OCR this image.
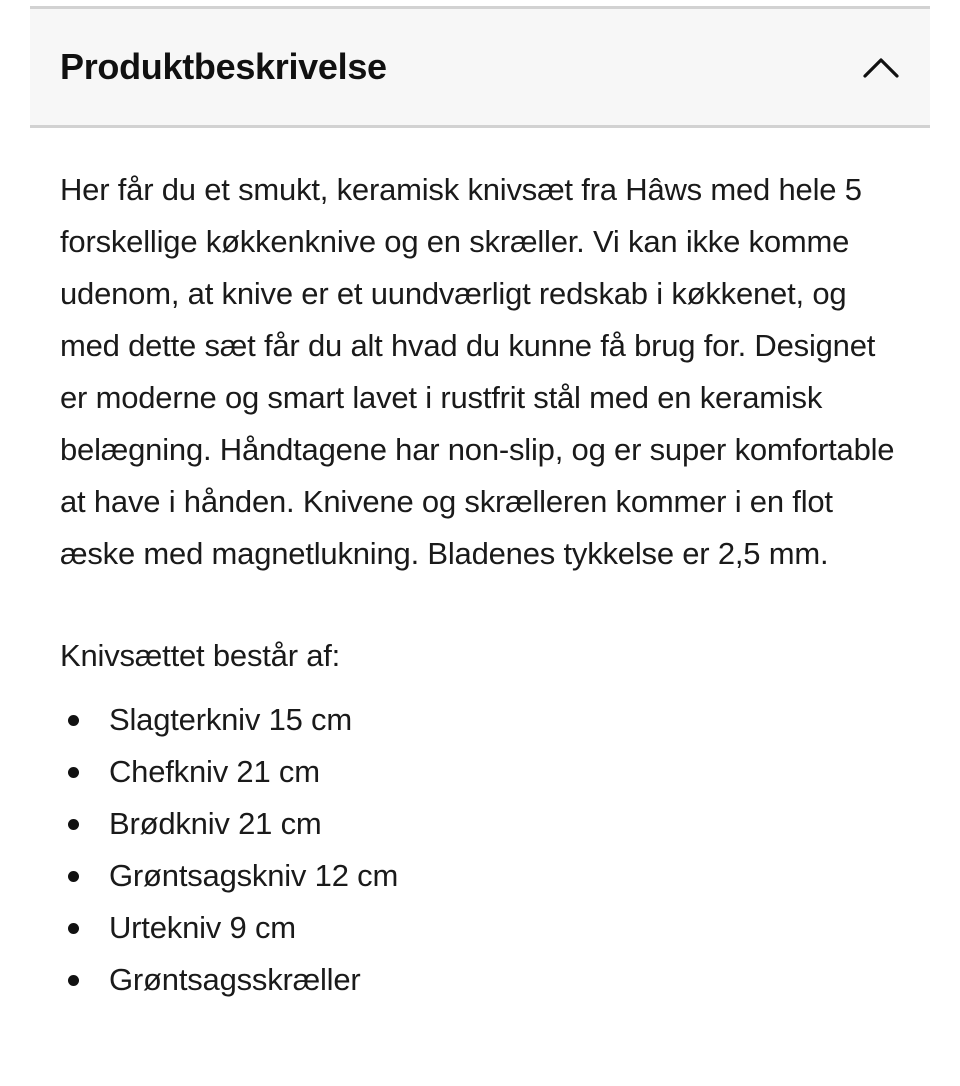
Produktbeskrivelse

Her får du et smukt, keramisk knivsæt fra Hâws med hele 5 forskellige køkkenknive og en skræller. Vi kan ikke komme udenom, at knive er et uundværligt redskab i køkkenet, og med dette sæt får du alt hvad du kunne få brug for. Designet er moderne og smart lavet i rustfrit stål med en keramisk belægning. Håndtagene har non-slip, og er super komfortable at have i hånden. Knivene og skrælleren kommer i en flot æske med magnetlukning. Bladenes tykkelse er 2,5 mm.

Knivsættet består af:

Slagterkniv 15 cm
Chefkniv 21 cm
Brødkniv 21 cm
Grøntsagskniv 12 cm
Urtekniv 9 cm
Grøntsagsskræller
